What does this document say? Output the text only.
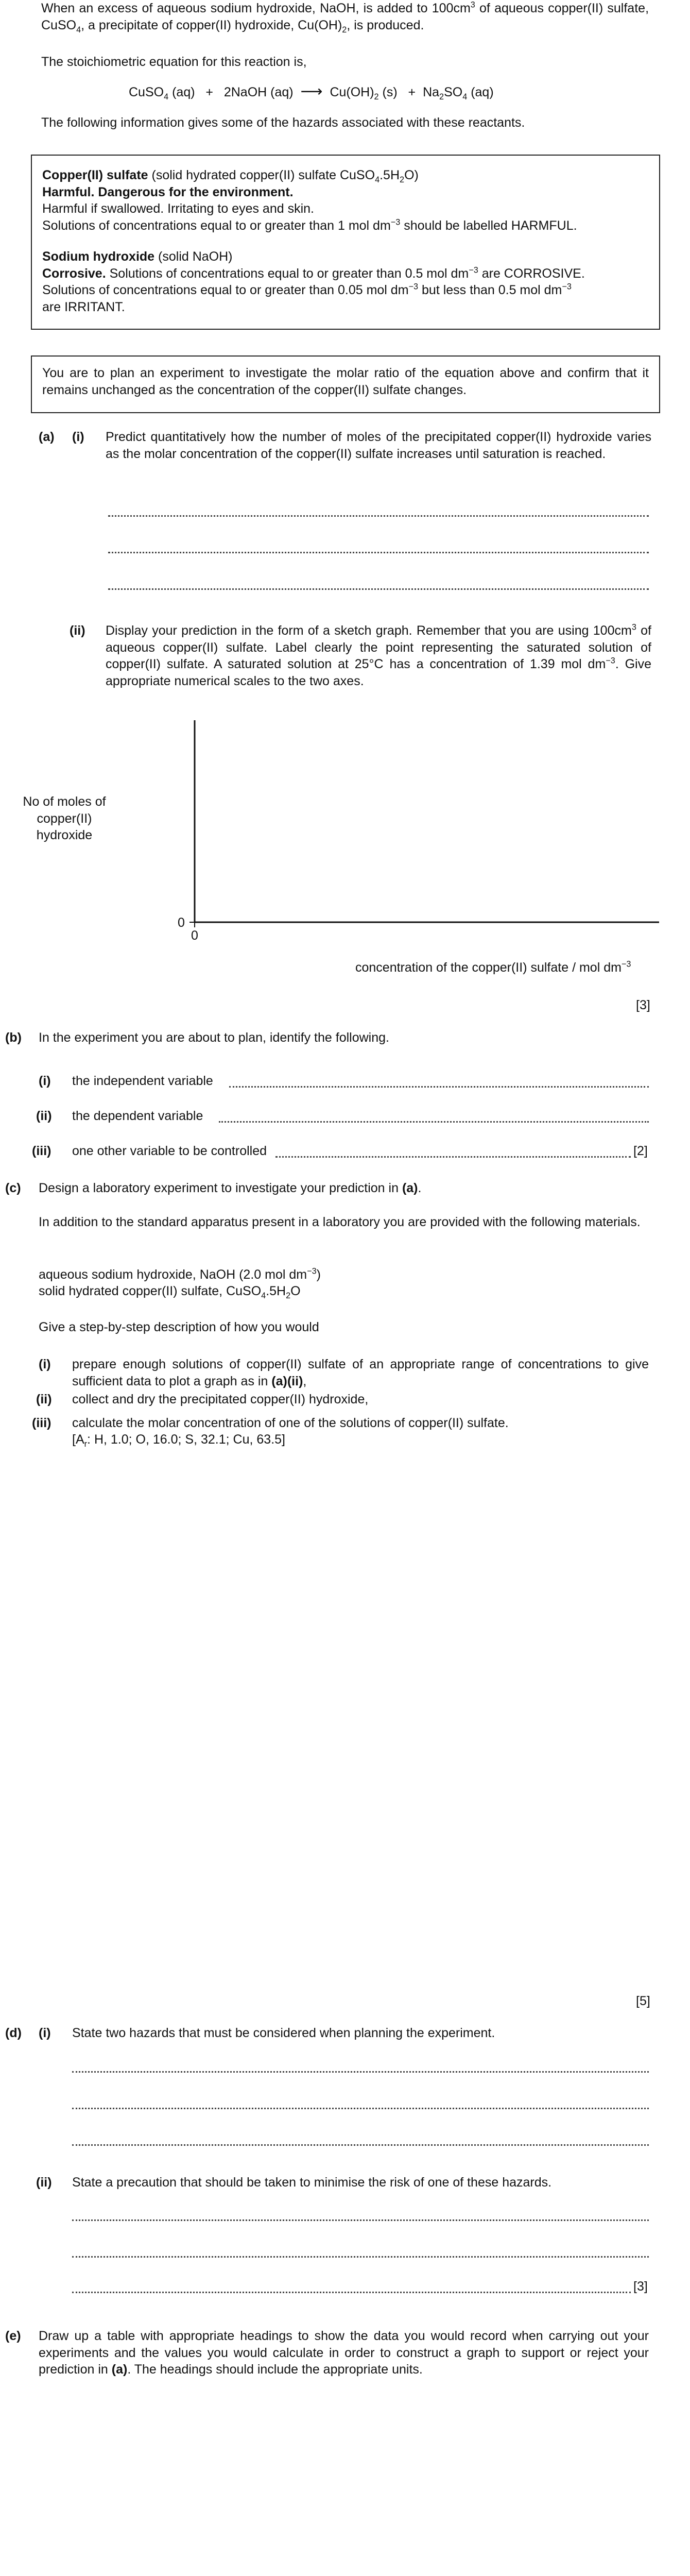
When an excess of aqueous sodium hydroxide, NaOH, is added to $100cm^3$ of aqueous copper(II) sulfate, CuSO$_4$, a precipitate of copper(II) hydroxide, $Cu(OH)_2$, is produced.

The stoichiometric equation for this reaction is,

CuSO$_4$ (aq) + 2NaOH (aq) ⟶ $Cu(OH)_2$ $(s) + Na_2SO_4$ (aq)

The following information gives some of the hazards associated with these reactants.

Copper(II) sulfate (solid hydrated copper(II) sulfate $CuSO_4.5H_2O$)

Harmful. Dangerous for the environment.

Harmful if swallowed. Irritating to eyes and skin.

Solutions of concentrations equal to or greater than 1 mol $dm^{-3}$ should be labelled HARMFUL.

Sodium hydroxide (solid NaOH)

Corrosive. Solutions of concentrations equal to or greater than 0.5 mol $dm^{-3}$ are CORROSIVE.

Solutions of concentrations equal to or greater than 0.05 mol $dm^{-3}$ but less than 0.5 mol $dm^{-3}$

are IRRITANT.

You are to plan an experiment to investigate the molar ratio of the equation above and confirm that it remains unchanged as the concentration of the copper(II) sulfate changes.

(a) (i) Predict quantitatively how the number of moles of the precipitated copper(II) hydroxide varies as the molar concentration of the copper(II) sulfate increases until saturation is reached.

(ii) Display your prediction in the form of a sketch graph. Remember that you are using $100cm^3$ of aqueous copper(II) sulfate. Label clearly the point representing the saturated solution of copper(II) sulfate. A saturated solution at 25°C has a concentration of 1.39 mol $dm^{-3}$. Give appropriate numerical scales to the two axes.

No of moles of

copper(II)

hydroxide

0
0

concentration of the copper(II) sulfate / mol $dm^{-3}$

[3]
(b) In the experiment you are about to plan, identify the following.

(i) the independent variable
(ii) the dependent variable
(iii) one other variable to be controlled	[2]
(c) Design a laboratory experiment to investigate your prediction in (a).

In addition to the standard apparatus present in a laboratory you are provided with the following materials.

aqueous sodium hydroxide, NaOH (2.0 mol $dm^{-3}$)

solid hydrated copper(II) sulfate, $CuSO_4.5H_2O$

Give a step-by-step description of how you would

(i) prepare enough solutions of copper(II) sulfate of an appropriate range of concentrations to give sufficient data to plot a graph as in (a)(ii),

(ii) collect and dry the precipitated copper(II) hydroxide,

(iii) calculate the molar concentration of one of the solutions of copper(II) sulfate.

[$A_r$: H, 1.0; O, 16.0; S, 32.1; Cu, 63.5]

[5]
(d) (i) State two hazards that must be considered when planning the experiment.

(ii) State a precaution that should be taken to minimise the risk of one of these hazards.

[3]
(e) Draw up a table with appropriate headings to show the data you would record when carrying out your experiments and the values you would calculate in order to construct a graph to support or reject your prediction in (a). The headings should include the appropriate units.
